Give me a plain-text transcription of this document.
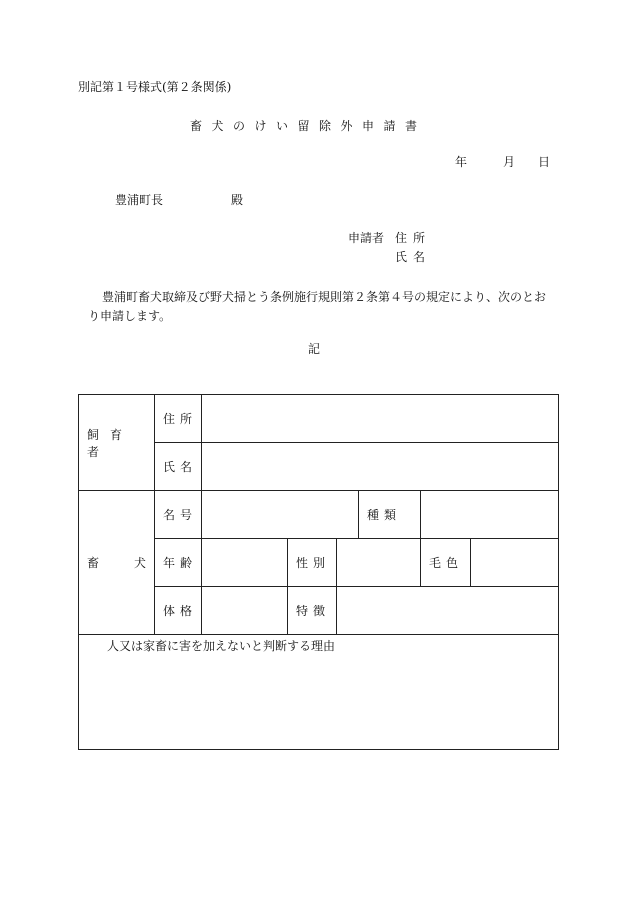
別記第１号様式(第２条関係)
畜犬のけい留除外申請書
年	月 日
豊浦町長	殿
申請者 住所
氏名
豊浦町畜犬取締及び野犬掃とう条例施行規則第２条第４号の規定により、次のとおり申請します。
記
飼育者	住所						
	氏名						

畜 犬	名号				種類		
	年齢		性別			毛色	
	体格		特徴				
人又は家畜に害を加えないと判断する理由							
